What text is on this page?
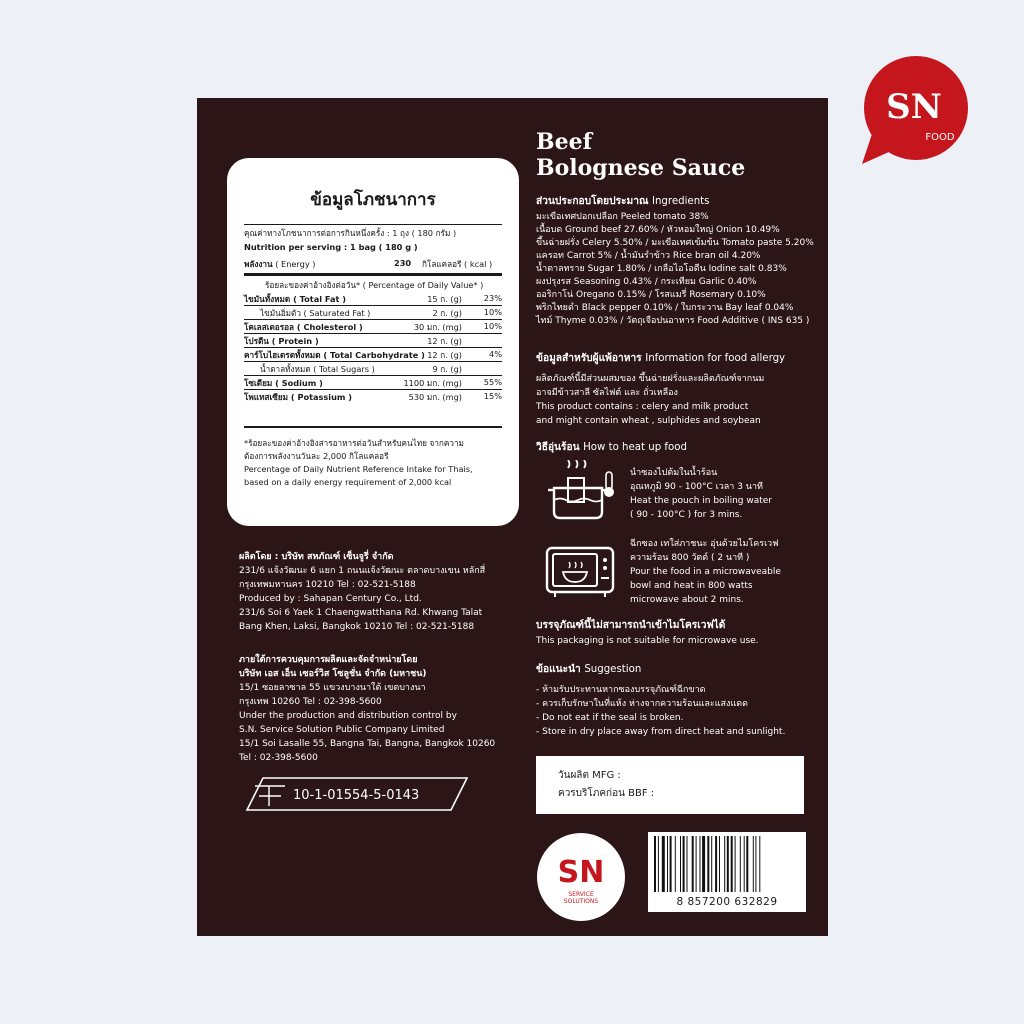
SN
FOOD
ข้อมูลโภชนาการ
คุณค่าทางโภชนาการต่อการกินหนึ่งครั้ง : 1 ถุง ( 180 กรัม )
Nutrition per serving : 1 bag ( 180 g )
พลังงาน ( Energy )	230 กิโลแคลอรี ( kcal )
ร้อยละของค่าอ้างอิงต่อวัน* ( Percentage of Daily Value* )
ไขมันทั้งหมด ( Total Fat )	15 ก. (g)	23%
ไขมันอิ่มตัว ( Saturated Fat )	2 ก. (g)	10%
โคเลสเตอรอล ( Cholesterol )	30 มก. (mg)	10%
โปรตีน ( Protein )	12 ก. (g)
คาร์โบไฮเดรตทั้งหมด ( Total Carbohydrate ) 12 ก. (g)	4%
น้ำตาลทั้งหมด ( Total Sugars )	9 ก. (g)
โซเดียม ( Sodium )	1100 มก. (mg)	55%
โพแทสเซียม ( Potassium )	530 มก. (mg)	15%
*ร้อยละของค่าอ้างอิงสารอาหารต่อวันสำหรับคนไทย จากความ
ต้องการพลังงานวันละ 2,000 กิโลแคลอรี
Percentage of Daily Nutrient Reference Intake for Thais,
based on a daily energy requirement of 2,000 kcal
ผลิตโดย : บริษัท สหภัณฑ์ เซ็นจูรี่ จำกัด
231/6 แจ้งวัฒนะ 6 แยก 1 ถนนแจ้งวัฒนะ ตลาดบางเขน หลักสี่
กรุงเทพมหานคร 10210 Tel : 02-521-5188
Produced by : Sahapan Century Co., Ltd.
231/6 Soi 6 Yaek 1 Chaengwatthana Rd. Khwang Talat
Bang Khen, Laksi, Bangkok 10210 Tel : 02-521-5188
ภายใต้การควบคุมการผลิตและจัดจำหน่ายโดย
บริษัท เอส เอ็น เซอร์วิส โซลูชั่น จำกัด (มหาชน)
15/1 ซอยลาซาล 55 แขวงบางนาใต้ เขตบางนา
กรุงเทพ 10260 Tel : 02-398-5600
Under the production and distribution control by
S.N. Service Solution Public Company Limited
15/1 Soi Lasalle 55, Bangna Tai, Bangna, Bangkok 10260
Tel : 02-398-5600
10-1-01554-5-0143
Beef
Bolognese Sauce
ส่วนประกอบโดยประมาณ Ingredients
มะเขือเทศปอกเปลือก Peeled tomato 38%
เนื้อบด Ground beef 27.60% / หัวหอมใหญ่ Onion 10.49%
ขึ้นฉ่ายฝรั่ง Celery 5.50% / มะเขือเทศเข้มข้น Tomato paste 5.20%
แครอท Carrot 5% / น้ำมันรำข้าว Rice bran oil 4.20%
น้ำตาลทราย Sugar 1.80% / เกลือไอโอดีน Iodine salt 0.83%
ผงปรุงรส Seasoning 0.43% / กระเทียม Garlic 0.40%
ออริกาโน่ Oregano 0.15% / โรสแมรี่ Rosemary 0.10%
พริกไทยดำ Black pepper 0.10% / ใบกระวาน Bay leaf 0.04%
ไทม์ Thyme 0.03% / วัตถุเจือปนอาหาร Food Additive ( INS 635 )
ข้อมูลสำหรับผู้แพ้อาหาร Information for food allergy
ผลิตภัณฑ์นี้มีส่วนผสมของ ขึ้นฉ่ายฝรั่งและผลิตภัณฑ์จากนม
อาจมีข้าวสาลี ซัลไฟต์ และ ถั่วเหลือง
This product contains : celery and milk product
and might contain wheat , sulphides and soybean
วิธีอุ่นร้อน How to heat up food
นำซองไปต้มในน้ำร้อน
อุณหภูมิ 90 - 100°C เวลา 3 นาที
Heat the pouch in boiling water
( 90 - 100°C ) for 3 mins.
ฉีกซอง เทใส่ภาชนะ อุ่นด้วยไมโครเวฟ
ความร้อน 800 วัตต์ ( 2 นาที )
Pour the food in a microwaveable
bowl and heat in 800 watts
microwave about 2 mins.
บรรจุภัณฑ์นี้ไม่สามารถนำเข้าไมโครเวฟได้
This packaging is not suitable for microwave use.
ข้อแนะนำ Suggestion
- ห้ามรับประทานหากซองบรรจุภัณฑ์ฉีกขาด
- ควรเก็บรักษาในที่แห้ง ห่างจากความร้อนและแสงแดด
- Do not eat if the seal is broken.
- Store in dry place away from direct heat and sunlight.
วันผลิต MFG :
ควรบริโภคก่อน BBF :
SN
SERVICE
SOLUTIONS	8 857200 632829
